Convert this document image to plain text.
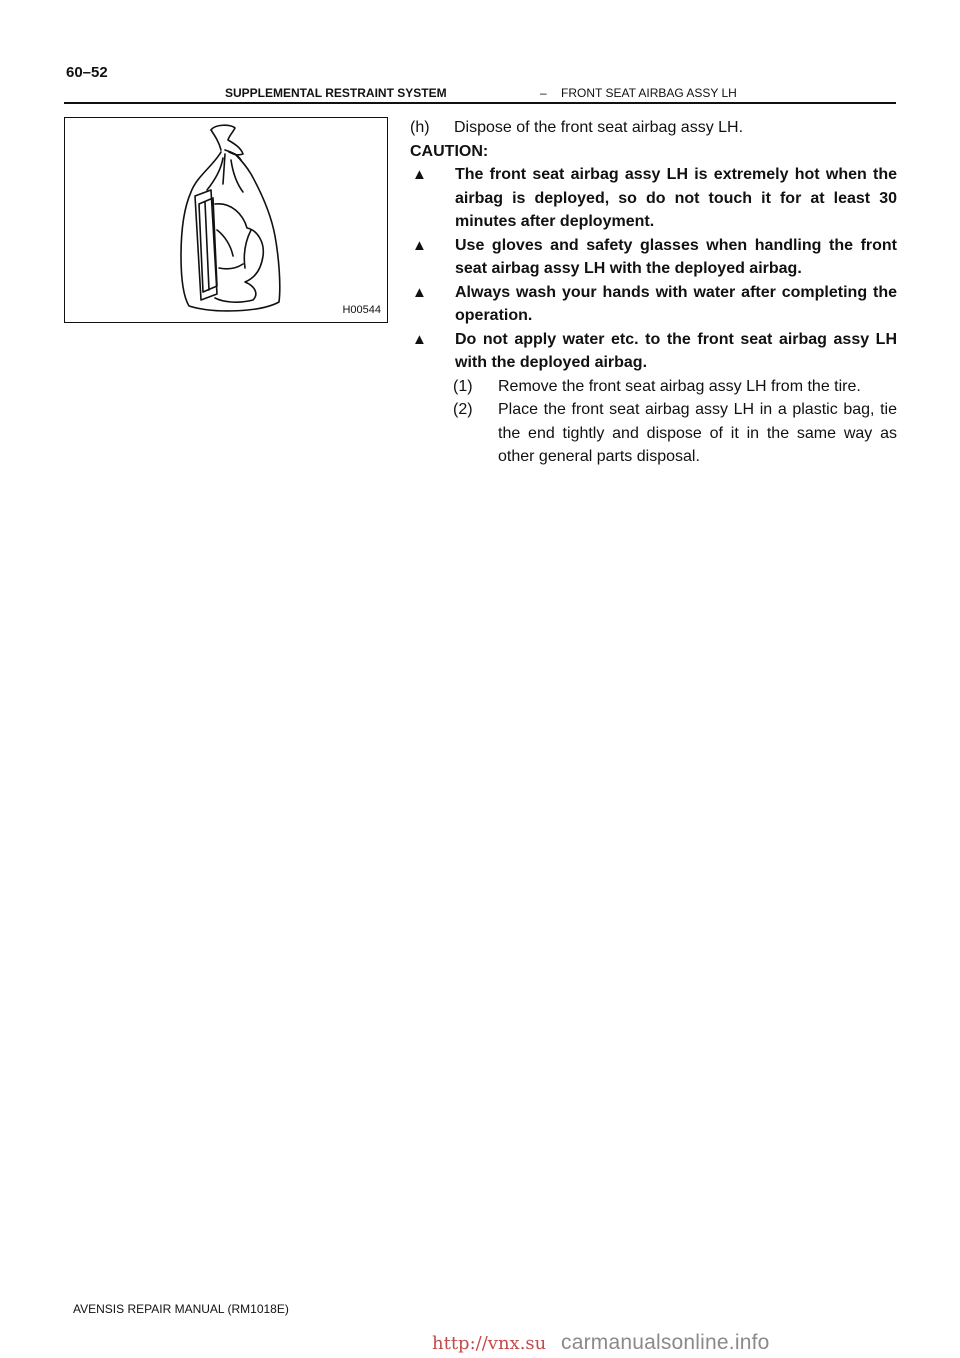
60–52
SUPPLEMENTAL RESTRAINT SYSTEM	– FRONT SEAT AIRBAG ASSY LH
H00544
(h)	Dispose of the front seat airbag assy LH.
CAUTION:
▲	The front seat airbag assy LH is extremely hot when the airbag is deployed, so do not touch it for at least 30 minutes after deployment.
▲	Use gloves and safety glasses when handling the front seat airbag assy LH with the deployed airbag.
▲	Always wash your hands with water after completing the operation.
▲	Do not apply water etc. to the front seat airbag assy LH with the deployed airbag.
(1)	Remove the front seat airbag assy LH from the tire.
(2)	Place the front seat airbag assy LH in a plastic bag, tie the end tightly and dispose of it in the same way as other general parts disposal.
AVENSIS REPAIR MANUAL (RM1018E)
http://vnx.su carmanualsonline.info
